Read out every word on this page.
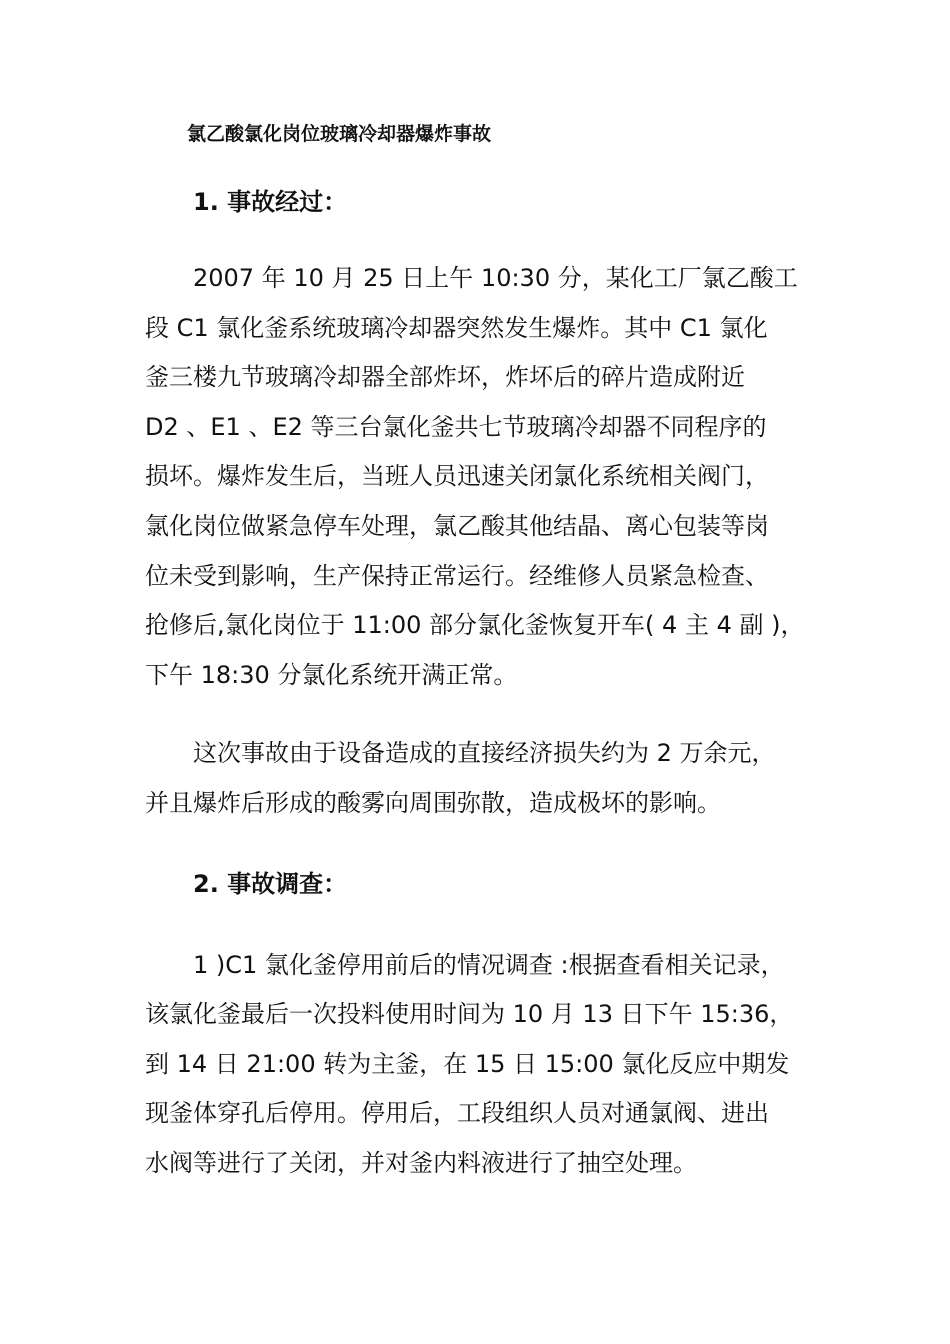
氯乙酸氯化岗位玻璃冷却器爆炸事故
1. 事故经过：

2007 年 10 月 25 日上午 10:30 分，某化工厂氯乙酸工
段 C1 氯化釜系统玻璃冷却器突然发生爆炸。其中 C1 氯化
釜三楼九节玻璃冷却器全部炸坏，炸坏后的碎片造成附近
D2 、E1 、E2 等三台氯化釜共七节玻璃冷却器不同程序的
损坏。爆炸发生后，当班人员迅速关闭氯化系统相关阀门，
氯化岗位做紧急停车处理，氯乙酸其他结晶、离心包装等岗
位未受到影响，生产保持正常运行。经维修人员紧急检查、
抢修后,氯化岗位于 11:00 部分氯化釜恢复开车( 4 主 4 副 )，
下午 18:30 分氯化系统开满正常。

这次事故由于设备造成的直接经济损失约为 2 万余元，
并且爆炸后形成的酸雾向周围弥散，造成极坏的影响。

2. 事故调查：

1 )C1 氯化釜停用前后的情况调查 :根据查看相关记录，
该氯化釜最后一次投料使用时间为 10 月 13 日下午 15:36，
到 14 日 21:00 转为主釜，在 15 日 15:00 氯化反应中期发
现釜体穿孔后停用。停用后，工段组织人员对通氯阀、进出
水阀等进行了关闭，并对釜内料液进行了抽空处理。
